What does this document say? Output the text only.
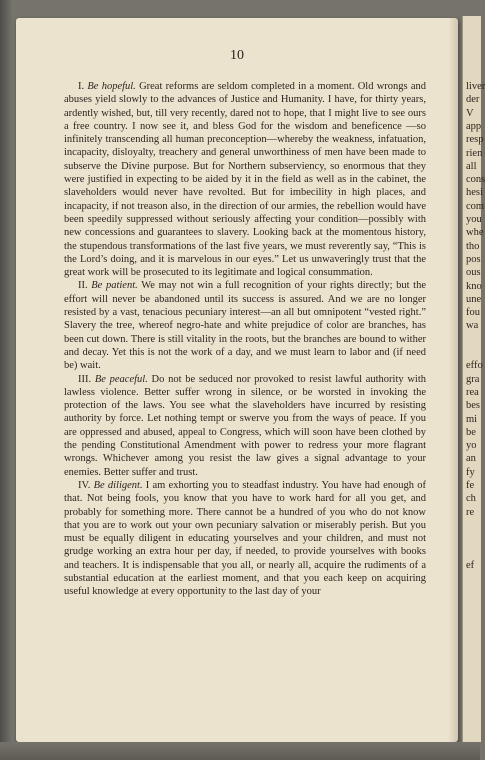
10

I. Be hopeful. Great reforms are seldom completed in a moment. Old wrongs and abuses yield slowly to the advances of Justice and Humanity. I have, for thirty years, ardently wished, but, till very recently, dared not to hope, that I might live to see ours a free country. I now see it, and bless God for the wisdom and beneficence —so infinitely transcending all human preconception—whereby the weakness, infatuation, incapacity, disloyalty, treachery and general unworthiness of men have been made to subserve the Divine purpose. But for Northern subserviency, so enormous that they were justified in expecting to be aided by it in the field as well as in the cabinet, the slaveholders would never have revolted. But for imbecility in high places, and incapacity, if not treason also, in the direction of our armies, the rebellion would have been speedily suppressed without seriously affecting your condition—possibly with new concessions and guarantees to slavery. Looking back at the momentous history, the stupendous transformations of the last five years, we must reverently say, “This is the Lord’s doing, and it is marvelous in our eyes.” Let us unwaveringly trust that the great work will be prosecuted to its legitimate and logical consummation.

II. Be patient. We may not win a full recognition of your rights directly; but the effort will never be abandoned until its success is assured. And we are no longer resisted by a vast, tenacious pecuniary interest—an all but omnipotent “vested right.” Slavery the tree, whereof negro-hate and white prejudice of color are branches, has been cut down. There is still vitality in the roots, but the branches are bound to wither and decay. Yet this is not the work of a day, and we must learn to labor and (if need be) wait.

III. Be peaceful. Do not be seduced nor provoked to resist lawful authority with lawless violence. Better suffer wrong in silence, or be worsted in invoking the protection of the laws. You see what the slaveholders have incurred by resisting authority by force. Let nothing tempt or swerve you from the ways of peace. If you are oppressed and abused, appeal to Congress, which will soon have been clothed by the pending Constitutional Amendment with power to redress your more flagrant wrongs. Whichever among you resist the law gives a signal advantage to your enemies. Better suffer and trust.

IV. Be diligent. I am exhorting you to steadfast industry. You have had enough of that. Not being fools, you know that you have to work hard for all you get, and probably for something more. There cannot be a hundred of you who do not know that you are to work out your own pecuniary salvation or miserably perish. But you must be equally diligent in educating yourselves and your children, and must not grudge working an extra hour per day, if needed, to provide yourselves with books and teachers. It is indispensable that you all, or nearly all, acquire the rudiments of a substantial education at the earliest moment, and that you each keep on acquiring useful knowledge at every opportunity to the last day of your

liver
der
V
app
resp
rien
all
cons
hesi
com
you
whe
tho
pos
ous
kno
une
fou
wa
effo
gra
rea
bes
mi
be
yo
an
fy
fe
ch
re
ef
